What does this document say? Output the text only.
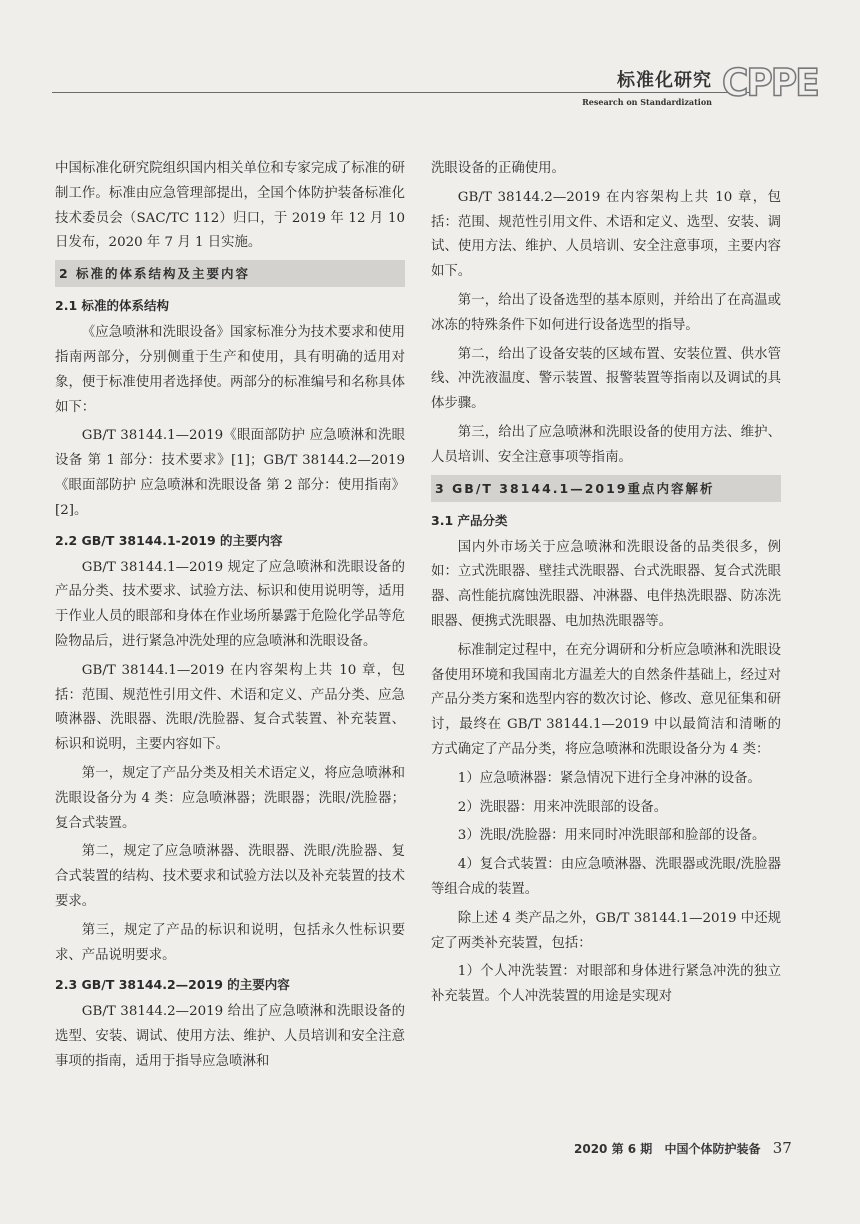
标准化研究
Research on Standardization CPPE

中国标准化研究院组织国内相关单位和专家完成了标准的研制工作。标准由应急管理部提出，全国个体防护装备标准化技术委员会（SAC/TC 112）归口，于 2019 年 12 月 10 日发布，2020 年 7 月 1 日实施。

2 标准的体系结构及主要内容
2.1 标准的体系结构

《应急喷淋和洗眼设备》国家标准分为技术要求和使用指南两部分，分别侧重于生产和使用，具有明确的适用对象，便于标准使用者选择使。两部分的标准编号和名称具体如下：

GB/T 38144.1—2019《眼面部防护 应急喷淋和洗眼设备 第 1 部分：技术要求》[1]；GB/T 38144.2—2019《眼面部防护 应急喷淋和洗眼设备 第 2 部分：使用指南》[2]。

2.2 GB/T 38144.1-2019 的主要内容

GB/T 38144.1—2019 规定了应急喷淋和洗眼设备的产品分类、技术要求、试验方法、标识和使用说明等，适用于作业人员的眼部和身体在作业场所暴露于危险化学品等危险物品后，进行紧急冲洗处理的应急喷淋和洗眼设备。

GB/T 38144.1—2019 在内容架构上共 10 章，包括：范围、规范性引用文件、术语和定义、产品分类、应急喷淋器、洗眼器、洗眼/洗脸器、复合式装置、补充装置、标识和说明，主要内容如下。

第一，规定了产品分类及相关术语定义，将应急喷淋和洗眼设备分为 4 类：应急喷淋器；洗眼器；洗眼/洗脸器；复合式装置。

第二，规定了应急喷淋器、洗眼器、洗眼/洗脸器、复合式装置的结构、技术要求和试验方法以及补充装置的技术要求。

第三，规定了产品的标识和说明，包括永久性标识要求、产品说明要求。

2.3 GB/T 38144.2—2019 的主要内容

GB/T 38144.2—2019 给出了应急喷淋和洗眼设备的选型、安装、调试、使用方法、维护、人员培训和安全注意事项的指南，适用于指导应急喷淋和

洗眼设备的正确使用。

GB/T 38144.2—2019 在内容架构上共 10 章，包括：范围、规范性引用文件、术语和定义、选型、安装、调试、使用方法、维护、人员培训、安全注意事项，主要内容如下。

第一，给出了设备选型的基本原则，并给出了在高温或冰冻的特殊条件下如何进行设备选型的指导。

第二，给出了设备安装的区域布置、安装位置、供水管线、冲洗液温度、警示装置、报警装置等指南以及调试的具体步骤。

第三，给出了应急喷淋和洗眼设备的使用方法、维护、人员培训、安全注意事项等指南。

3 GB/T 38144.1—2019重点内容解析
3.1 产品分类

国内外市场关于应急喷淋和洗眼设备的品类很多，例如：立式洗眼器、壁挂式洗眼器、台式洗眼器、复合式洗眼器、高性能抗腐蚀洗眼器、冲淋器、电伴热洗眼器、防冻洗眼器、便携式洗眼器、电加热洗眼器等。

标准制定过程中，在充分调研和分析应急喷淋和洗眼设备使用环境和我国南北方温差大的自然条件基础上，经过对产品分类方案和选型内容的数次讨论、修改、意见征集和研讨，最终在 GB/T 38144.1—2019 中以最简洁和清晰的方式确定了产品分类，将应急喷淋和洗眼设备分为 4 类：

1）应急喷淋器：紧急情况下进行全身冲淋的设备。

2）洗眼器：用来冲洗眼部的设备。

3）洗眼/洗脸器：用来同时冲洗眼部和脸部的设备。

4）复合式装置：由应急喷淋器、洗眼器或洗眼/洗脸器等组合成的装置。

除上述 4 类产品之外，GB/T 38144.1—2019 中还规定了两类补充装置，包括：

1）个人冲洗装置：对眼部和身体进行紧急冲洗的独立补充装置。个人冲洗装置的用途是实现对

2020 第 6 期 中国个体防护装备 37
